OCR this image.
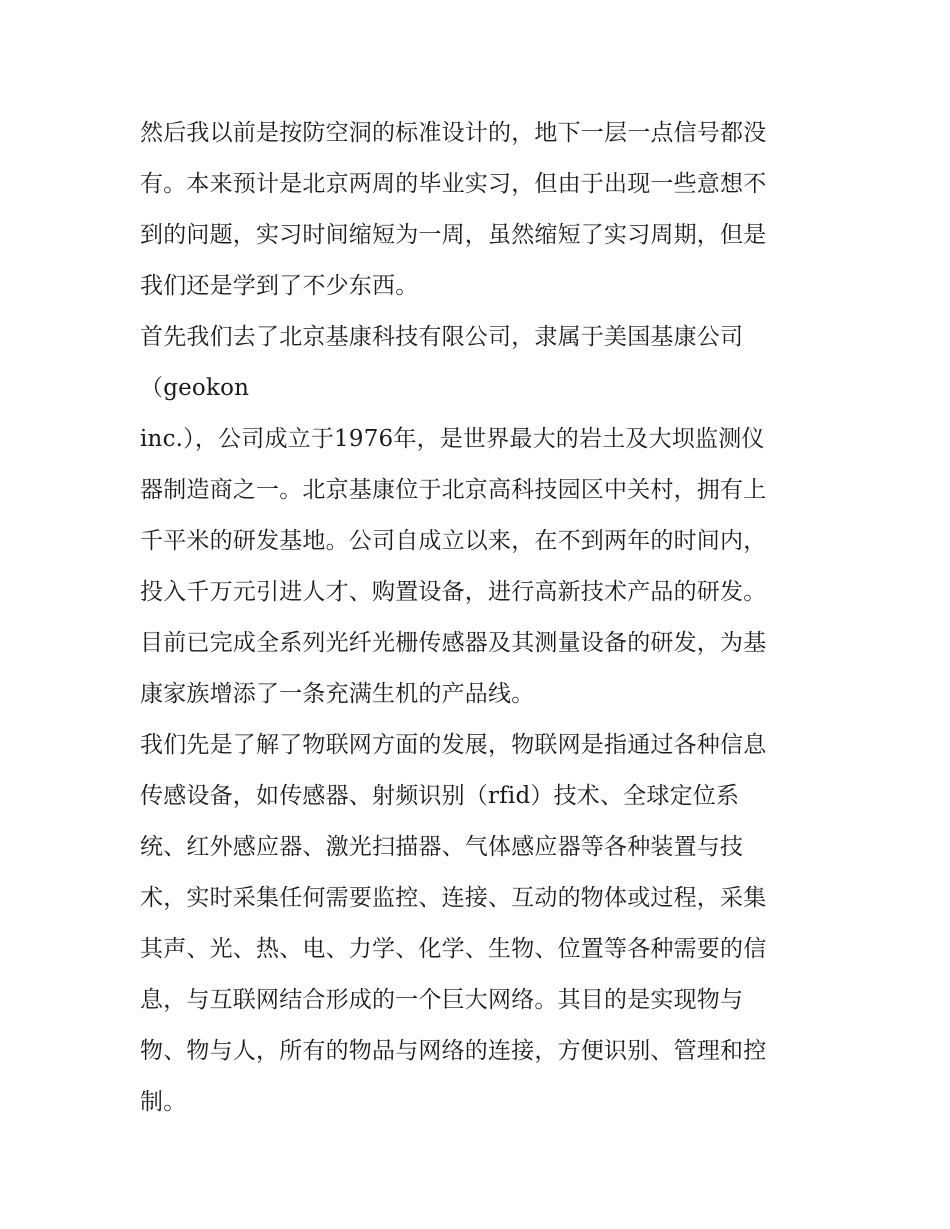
然后我以前是按防空洞的标准设计的，地下一层一点信号都没
有。本来预计是北京两周的毕业实习，但由于出现一些意想不
到的问题，实习时间缩短为一周，虽然缩短了实习周期，但是
我们还是学到了不少东西。
首先我们去了北京基康科技有限公司，隶属于美国基康公司
（geokon
inc.），公司成立于1976年，是世界最大的岩土及大坝监测仪
器制造商之一。北京基康位于北京高科技园区中关村，拥有上
千平米的研发基地。公司自成立以来，在不到两年的时间内，
投入千万元引进人才、购置设备，进行高新技术产品的研发。
目前已完成全系列光纤光栅传感器及其测量设备的研发，为基
康家族增添了一条充满生机的产品线。
我们先是了解了物联网方面的发展，物联网是指通过各种信息
传感设备，如传感器、射频识别（rfid）技术、全球定位系
统、红外感应器、激光扫描器、气体感应器等各种装置与技
术，实时采集任何需要监控、连接、互动的物体或过程，采集
其声、光、热、电、力学、化学、生物、位置等各种需要的信
息，与互联网结合形成的一个巨大网络。其目的是实现物与
物、物与人，所有的物品与网络的连接，方便识别、管理和控
制。
